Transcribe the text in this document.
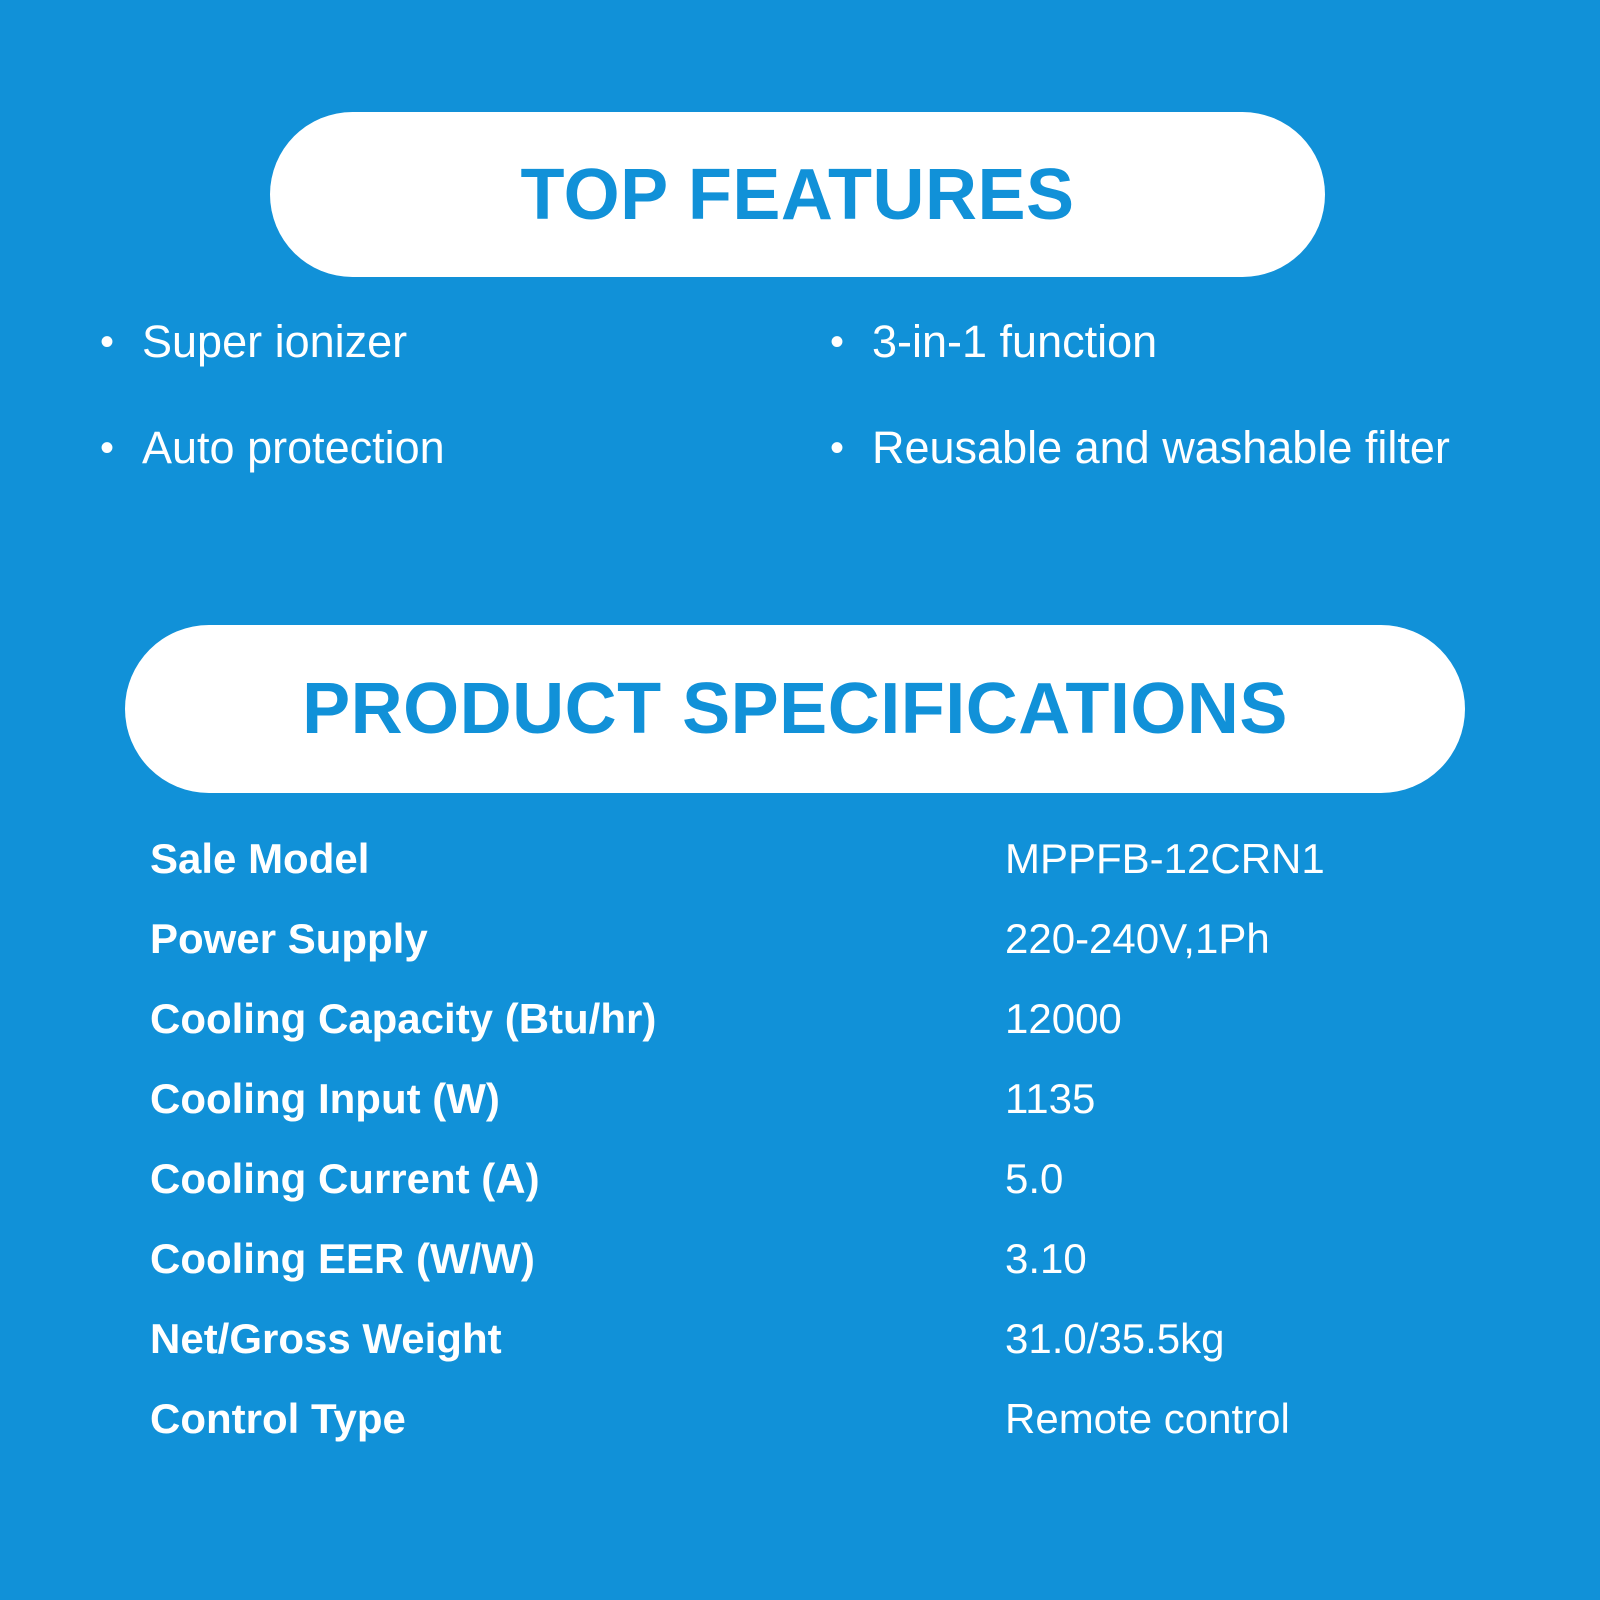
TOP FEATURES
• Super ionizer
• Auto protection
• 3-in-1 function
• Reusable and washable filter
PRODUCT SPECIFICATIONS
Sale Model	MPPFB-12CRN1
Power Supply	220-240V,1Ph
Cooling Capacity (Btu/hr)	12000
Cooling Input (W)	1135
Cooling Current (A)	5.0
Cooling EER (W/W)	3.10
Net/Gross Weight	31.0/35.5kg
Control Type	Remote control
